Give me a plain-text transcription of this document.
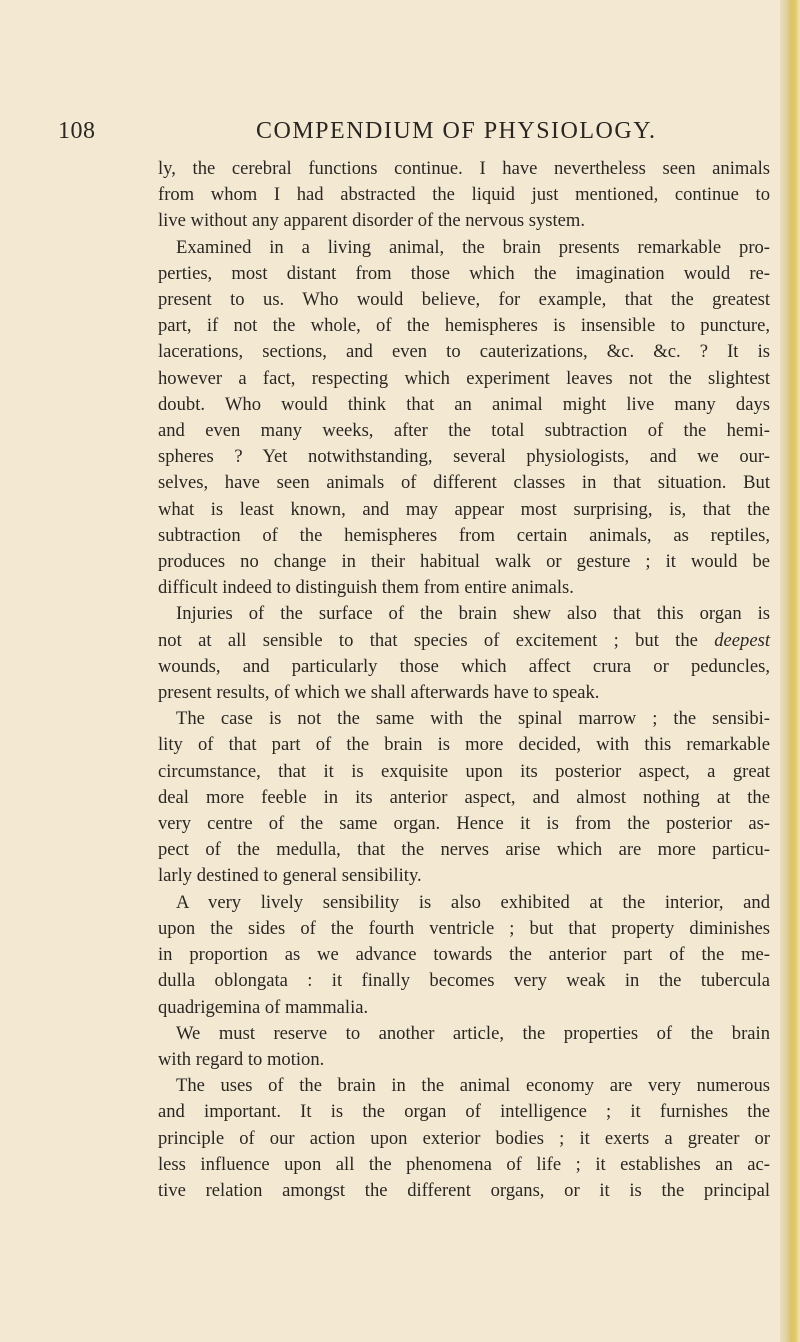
108	COMPENDIUM OF PHYSIOLOGY.
ly, the cerebral functions continue. I have nevertheless seen animals
from whom I had abstracted the liquid just mentioned, continue to
live without any apparent disorder of the nervous system.
Examined in a living animal, the brain presents remarkable pro-
perties, most distant from those which the imagination would re-
present to us. Who would believe, for example, that the greatest
part, if not the whole, of the hemispheres is insensible to puncture,
lacerations, sections, and even to cauterizations, &c. &c. ? It is
however a fact, respecting which experiment leaves not the slightest
doubt. Who would think that an animal might live many days
and even many weeks, after the total subtraction of the hemi-
spheres ? Yet notwithstanding, several physiologists, and we our-
selves, have seen animals of different classes in that situation. But
what is least known, and may appear most surprising, is, that the
subtraction of the hemispheres from certain animals, as reptiles,
produces no change in their habitual walk or gesture ; it would be
difficult indeed to distinguish them from entire animals.
Injuries of the surface of the brain shew also that this organ is
not at all sensible to that species of excitement ; but the deepest
wounds, and particularly those which affect crura or peduncles,
present results, of which we shall afterwards have to speak.
The case is not the same with the spinal marrow ; the sensibi-
lity of that part of the brain is more decided, with this remarkable
circumstance, that it is exquisite upon its posterior aspect, a great
deal more feeble in its anterior aspect, and almost nothing at the
very centre of the same organ. Hence it is from the posterior as-
pect of the medulla, that the nerves arise which are more particu-
larly destined to general sensibility.
A very lively sensibility is also exhibited at the interior, and
upon the sides of the fourth ventricle ; but that property diminishes
in proportion as we advance towards the anterior part of the me-
dulla oblongata : it finally becomes very weak in the tubercula
quadrigemina of mammalia.
We must reserve to another article, the properties of the brain
with regard to motion.
The uses of the brain in the animal economy are very numerous
and important. It is the organ of intelligence ; it furnishes the
principle of our action upon exterior bodies ; it exerts a greater or
less influence upon all the phenomena of life ; it establishes an ac-
tive relation amongst the different organs, or it is the principal
